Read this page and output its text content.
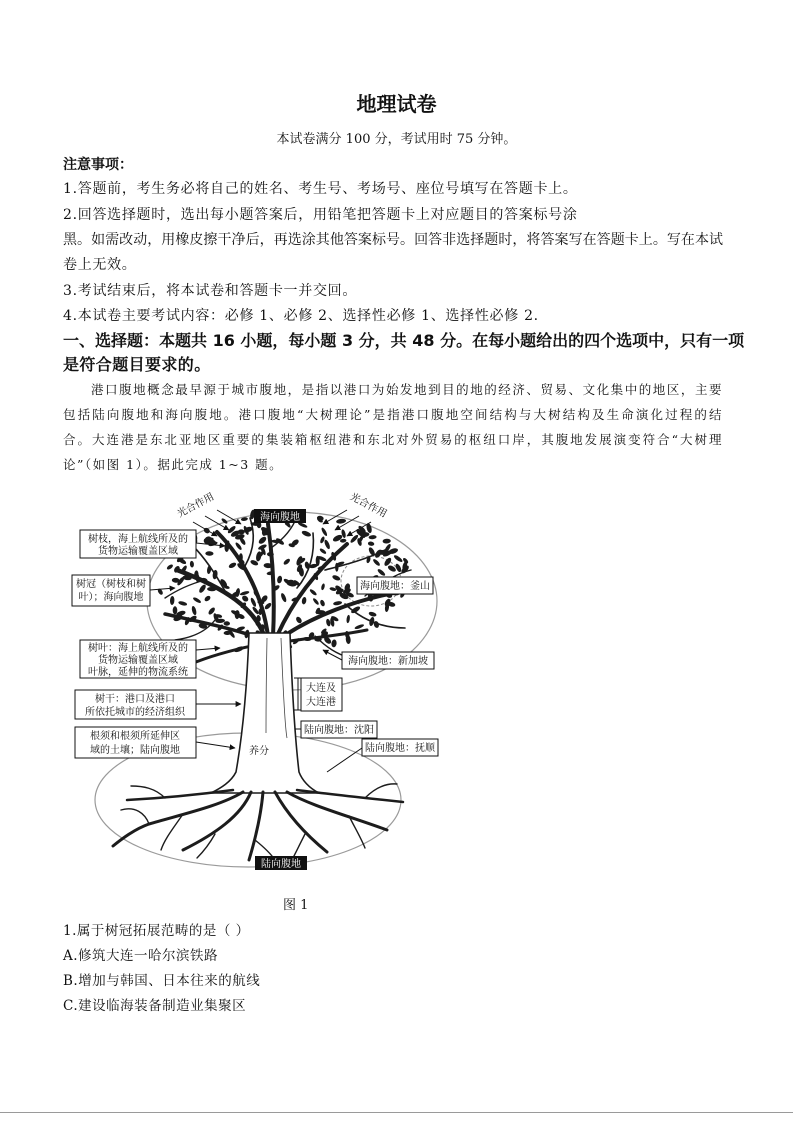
地理试卷
本试卷满分 100 分，考试用时 75 分钟。
注意事项：
1.答题前，考生务必将自己的姓名、考生号、考场号、座位号填写在答题卡上。
2.回答选择题时，选出每小题答案后，用铅笔把答题卡上对应题目的答案标号涂
黑。如需改动，用橡皮擦干净后，再选涂其他答案标号。回答非选择题时，将答案写在答题卡上。写在本试
卷上无效。
3.考试结束后，将本试卷和答题卡一并交回。
4.本试卷主要考试内容：必修 1、必修 2、选择性必修 1、选择性必修 2.
一、选择题：本题共 16 小题，每小题 3 分，共 48 分。在每小题给出的四个选项中，只有一项
是符合题目要求的。
港口腹地概念最早源于城市腹地，是指以港口为始发地到目的地的经济、贸易、文化集中的地区，主要
包括陆向腹地和海向腹地。港口腹地“大树理论”是指港口腹地空间结构与大树结构及生命演化过程的结
合。大连港是东北亚地区重要的集装箱枢纽港和东北对外贸易的枢纽口岸，其腹地发展演变符合“大树理
论”（如图 1）。据此完成 1~3 题。
光合作用	光合作用
养分
海向腹地
树枝，海上航线所及的
货物运输覆盖区域
树冠（树枝和树
叶）；海向腹地
海向腹地：釜山
树叶：海上航线所及的
货物运输覆盖区域
叶脉，延伸的物流系统
海向腹地：新加坡
大连及
大连港
树干：港口及港口
所依托城市的经济组织
陆向腹地：沈阳
根须和根须所延伸区
域的土壤；陆向腹地	陆向腹地：抚顺
陆向腹地
图 1
1.属于树冠拓展范畴的是（ ）
A.修筑大连一哈尔滨铁路
B.增加与韩国、日本往来的航线
C.建设临海装备制造业集聚区
